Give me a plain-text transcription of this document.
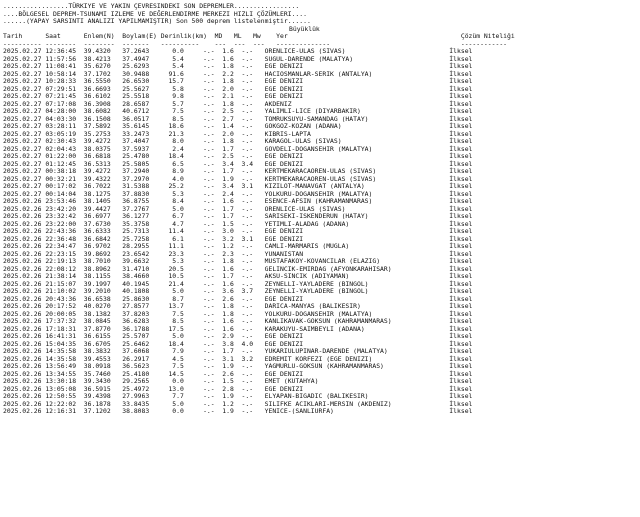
.................TÜRKIYE VE YAKIN ÇEVRESINDEKI SON DEPREMLER.................
....BÖLGESEL DEPREM-TSUNAMI IZLEME VE DEĞERLENDIRME MERKEZI HIZLI ÇÖZÜMLERI....
......(YAPAY SARSINTI ANALIZI YAPILMAMIŞTIR) Son 500 deprem listelenmiştir......
Büyüklük
Tarih      Saat      Enlem(N)  Boylam(E) Derinlik(km)  MD   ML   Mw    Yer                                             Çözüm Niteliği
---------- --------  --------  -------   ----------    ---  ---  ---   --------------                                  ------------
2025.02.27 12:36:45  39.4320   37.2643      0.0     -.-  1.6  -.-   ORENLICE-ULAS (SIVAS)                           İlksel
2025.02.27 11:57:56  38.4213   37.4947      5.4     -.-  1.6  -.-   SUGUL-DARENDE (MALATYA)                         İlksel
2025.02.27 11:08:41  35.6270   25.6293      5.4     -.-  1.8  -.-   EGE DENIZI                                      İlksel
2025.02.27 10:58:14  37.1702   30.9488     91.6     -.-  2.2  -.-   HACIOSMANLAR-SERIK (ANTALYA)                    İlksel
2025.02.27 10:28:33  36.5550   26.6530     15.7     -.-  1.8  -.-   EGE DENIZI                                      İlksel
2025.02.27 07:29:51  36.6693   25.5627      5.8     -.-  2.0  -.-   EGE DENIZI                                      İlksel
2025.02.27 07:21:45  36.6102   25.5518      9.8     -.-  2.1  -.-   EGE DENIZI                                      İlksel
2025.02.27 07:17:08  36.3908   28.6587      5.7     -.-  1.8  -.-   AKDENIZ                                         İlksel
2025.02.27 04:28:00  38.6082   40.6712      7.5     -.-  2.5  -.-   YALIMLI-LICE (DIYARBAKIR)                       İlksel
2025.02.27 04:03:30  36.1508   36.0517      8.5     -.-  2.7  -.-   TOMRUKSUYU-SAMANDAG (HATAY)                     İlksel
2025.02.27 03:28:11  37.5892   35.6145     18.6     -.-  1.4  -.-   GOKGOZ-KOZAN (ADANA)                            İlksel
2025.02.27 03:05:19  35.2753   33.2473     21.3     -.-  2.0  -.-   KIBRIS-LAPTA                                    İlksel
2025.02.27 02:30:43  39.4272   37.4047      8.0     -.-  1.8  -.-   KARAGOL-ULAS (SIVAS)                            İlksel
2025.02.27 02:04:43  38.0375   37.5937      2.4     -.-  1.7  -.-   GOVDELI-DOGANSEHIR (MALATYA)                    İlksel
2025.02.27 01:22:00  36.6818   25.4780     18.4     -.-  2.5  -.-   EGE DENIZI                                      İlksel
2025.02.27 01:12:45  36.5313   25.5805      6.5     -.-  3.4  3.4   EGE DENIZI                                      İlksel
2025.02.27 00:38:18  39.4272   37.2940      8.9     -.-  1.7  -.-   KERTMEKARACAOREN-ULAS (SIVAS)                   İlksel
2025.02.27 00:32:21  39.4322   37.2970      4.0     -.-  1.9  -.-   KERTMEKARACAOREN-ULAS (SIVAS)                   İlksel
2025.02.27 00:17:02  36.7022   31.5388     25.2     -.-  3.4  3.1   KIZILOT-MANAVGAT (ANTALYA)                      İlksel
2025.02.27 00:14:04  38.1275   37.8830      5.3     -.-  2.4  -.-   YOLKURU-DOGANSEHIR (MALATYA)                    İlksel
2025.02.26 23:53:46  38.1405   36.8755      8.4     -.-  1.6  -.-   ESENCE-AFSIN (KAHRAMANMARAS)                    İlksel
2025.02.26 23:42:20  39.4427   37.2767      5.0     -.-  1.7  -.-   ORENLICE-ULAS (SIVAS)                           İlksel
2025.02.26 23:32:42  36.6977   36.1277      6.7     -.-  1.7  -.-   SARISEKI-ISKENDERUN (HATAY)                     İlksel
2025.02.26 23:22:00  37.6730   35.3758      4.7     -.-  1.5  -.-   YETIMLI-ALADAG (ADANA)                          İlksel
2025.02.26 22:43:36  36.6333   25.7313     11.4     -.-  3.0  -.-   EGE DENIZI                                      İlksel
2025.02.26 22:36:48  36.6842   25.7258      6.1     -.-  3.2  3.1   EGE DENIZI                                      İlksel
2025.02.26 22:34:47  36.9702   28.2955     11.1     -.-  1.2  -.-   CAMLI-MARMARIS (MUGLA)                          İlksel
2025.02.26 22:23:15  39.8692   23.6542     23.3     -.-  2.3  -.-   YUNANISTAN                                      İlksel
2025.02.26 22:19:13  38.7010   39.6632      5.3     -.-  1.8  -.-   MUSTAFAKOY-KOVANCILAR (ELAZIG)                  İlksel
2025.02.26 22:08:12  38.8962   31.4710     20.5     -.-  1.6  -.-   GELINCIK-EMIRDAG (AFYONKARAHISAR)               İlksel
2025.02.26 21:38:14  38.1155   38.4660     10.5     -.-  1.7  -.-   AKSU-SINCIK (ADIYAMAN)                          İlksel
2025.02.26 21:15:07  39.1997   40.1945     21.4     -.-  1.6  -.-   ZEYNELLI-YAYLADERE (BINGOL)                     İlksel
2025.02.26 21:10:02  39.2010   40.1808      5.0     -.-  3.6  3.7   ZEYNELLI-YAYLADERE (BINGOL)                     İlksel
2025.02.26 20:43:36  36.6538   25.8630      8.7     -.-  2.6  -.-   EGE DENIZI                                      İlksel
2025.02.26 20:17:52  40.0270   27.8577     13.7     -.-  1.8  -.-   DARICA-MANYAS (BALIKESIR)                       İlksel
2025.02.26 20:00:05  38.1382   37.8203      7.5     -.-  1.8  -.-   YOLKURU-DOGANSEHIR (MALATYA)                    İlksel
2025.02.26 17:37:32  38.0845   36.6283      8.5     -.-  1.6  -.-   KANLIKAVAK-GOKSUN (KAHRAMANMARAS)               İlksel
2025.02.26 17:18:31  37.8770   36.1788     17.5     -.-  1.6  -.-   KARAKUYU-SAIMBEYLI (ADANA)                      İlksel
2025.02.26 16:41:31  36.6155   25.5707      5.0     -.-  2.9  -.-   EGE DENIZI                                      İlksel
2025.02.26 15:04:35  36.6705   25.6462     18.4     -.-  3.8  4.0   EGE DENIZI                                      İlksel
2025.02.26 14:35:58  38.3832   37.6068      7.9     -.-  1.7  -.-   YUKARIULUPINAR-DARENDE (MALATYA)                İlksel
2025.02.26 14:35:58  39.4553   26.2917      4.5     -.-  3.1  3.2   EDREMIT KORFEZI (EGE DENIZI)                    İlksel
2025.02.26 13:56:49  38.0918   36.5623      7.5     -.-  1.9  -.-   YAGMURLU-GOKSUN (KAHRAMANMARAS)                 İlksel
2025.02.26 13:34:55  35.7460   25.4180     14.5     -.-  2.6  -.-   EGE DENIZI                                      İlksel
2025.02.26 13:30:18  39.3430   29.2565      0.0     -.-  1.5  -.-   EMET (KUTAHYA)                                  İlksel
2025.02.26 13:05:08  36.5915   25.4972     13.0     -.-  2.8  -.-   EGE DENIZI                                      İlksel
2025.02.26 12:50:55  39.4398   27.9963      7.7     -.-  1.9  -.-   ELYAPAN-BIGADIC (BALIKESIR)                     İlksel
2025.02.26 12:22:02  36.1878   33.8435      5.0     -.-  1.2  -.-   SILIFKE ACIKLARI-MERSIN (AKDENIZ)               İlksel
2025.02.26 12:16:31  37.1202   38.8083      0.0     -.-  1.9  -.-   YENICE-(SANLIURFA)                              İlksel
